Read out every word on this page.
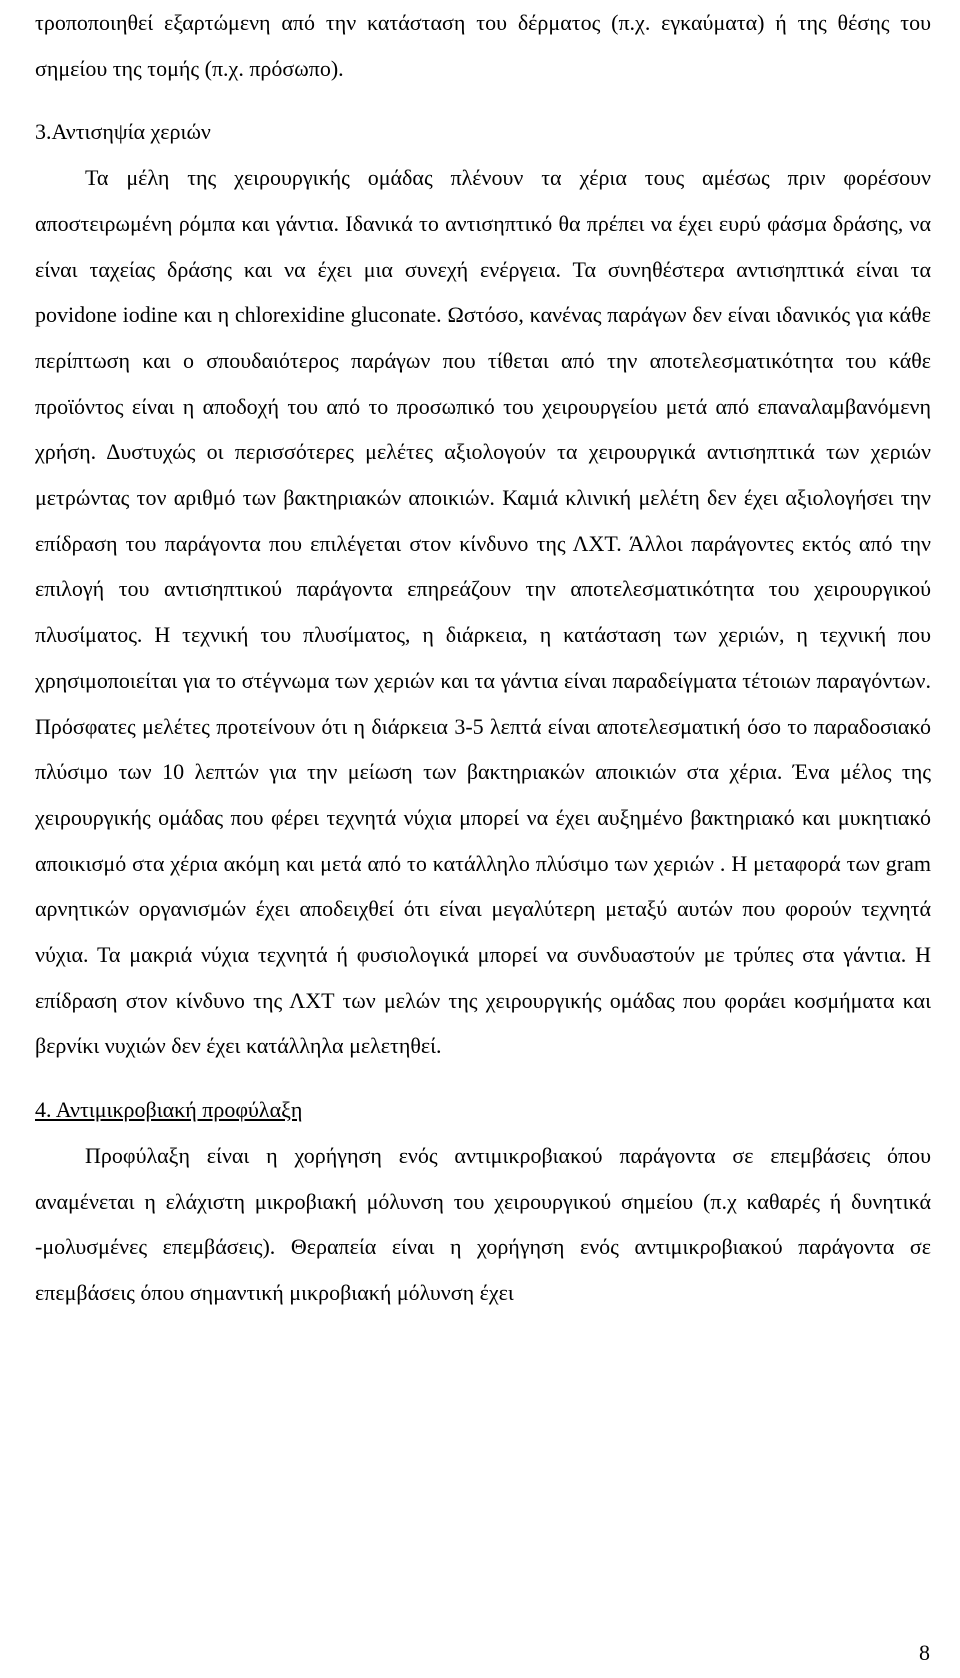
τροποποιηθεί εξαρτώμενη από την κατάσταση του δέρματος (π.χ. εγκαύματα) ή της θέσης του σημείου της τομής (π.χ. πρόσωπο).

3.Αντισηψία χεριών

Τα μέλη της χειρουργικής ομάδας πλένουν τα χέρια τους αμέσως πριν φορέσουν αποστειρωμένη ρόμπα και γάντια. Ιδανικά το αντισηπτικό θα πρέπει να έχει ευρύ φάσμα δράσης, να είναι ταχείας δράσης και να έχει μια συνεχή ενέργεια. Τα συνηθέστερα αντισηπτικά είναι τα povidone iodine και η chlorexidine gluconate. Ωστόσο, κανένας παράγων δεν είναι ιδανικός για κάθε περίπτωση και ο σπουδαιότερος παράγων που τίθεται από την αποτελεσματικότητα του κάθε προϊόντος είναι η αποδοχή του από το προσωπικό του χειρουργείου μετά από επαναλαμβανόμενη χρήση. Δυστυχώς οι περισσότερες μελέτες αξιολογούν τα χειρουργικά αντισηπτικά των χεριών μετρώντας τον αριθμό των βακτηριακών αποικιών. Καμιά κλινική μελέτη δεν έχει αξιολογήσει την επίδραση του παράγοντα που επιλέγεται στον κίνδυνο της ΛΧΤ. Άλλοι παράγοντες εκτός από την επιλογή του αντισηπτικού παράγοντα επηρεάζουν την αποτελεσματικότητα του χειρουργικού πλυσίματος. Η τεχνική του πλυσίματος, η διάρκεια, η κατάσταση των χεριών, η τεχνική που χρησιμοποιείται για το στέγνωμα των χεριών και τα γάντια είναι παραδείγματα τέτοιων παραγόντων. Πρόσφατες μελέτες προτείνουν ότι η διάρκεια 3-5 λεπτά είναι αποτελεσματική όσο το παραδοσιακό πλύσιμο των 10 λεπτών για την μείωση των βακτηριακών αποικιών στα χέρια. Ένα μέλος της χειρουργικής ομάδας που φέρει τεχνητά νύχια μπορεί να έχει αυξημένο βακτηριακό και μυκητιακό αποικισμό στα χέρια ακόμη και μετά από το κατάλληλο πλύσιμο των χεριών . Η μεταφορά των gram αρνητικών οργανισμών έχει αποδειχθεί ότι είναι μεγαλύτερη μεταξύ αυτών που φορούν τεχνητά νύχια. Τα μακριά νύχια τεχνητά ή φυσιολογικά μπορεί να συνδυαστούν με τρύπες στα γάντια. Η επίδραση στον κίνδυνο της ΛΧΤ των μελών της χειρουργικής ομάδας που φοράει κοσμήματα και βερνίκι νυχιών δεν έχει κατάλληλα μελετηθεί.

4. Αντιμικροβιακή προφύλαξη

Προφύλαξη είναι η χορήγηση ενός αντιμικροβιακού παράγοντα σε επεμβάσεις όπου αναμένεται η ελάχιστη μικροβιακή μόλυνση του χειρουργικού σημείου (π.χ καθαρές ή δυνητικά -μολυσμένες επεμβάσεις). Θεραπεία είναι η χορήγηση ενός αντιμικροβιακού παράγοντα σε επεμβάσεις όπου σημαντική μικροβιακή μόλυνση έχει

8
